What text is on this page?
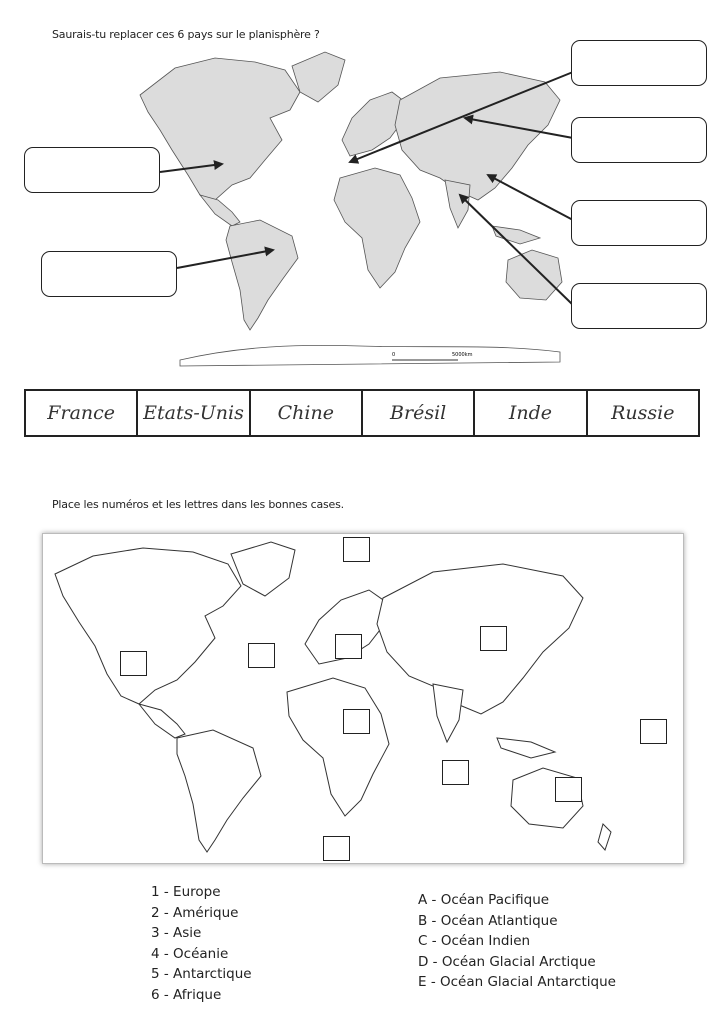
Saurais-tu replacer ces 6 pays sur le planisphère ?
0	5000km
France	Etats-Unis	Chine	Brésil	Inde	Russie
Place les numéros et les lettres dans les bonnes cases.
1 - Europe
2 - Amérique
3 - Asie
4 - Océanie
5 - Antarctique
6 - Afrique
A - Océan Pacifique
B - Océan Atlantique
C - Océan Indien
D - Océan Glacial Arctique
E - Océan Glacial Antarctique
